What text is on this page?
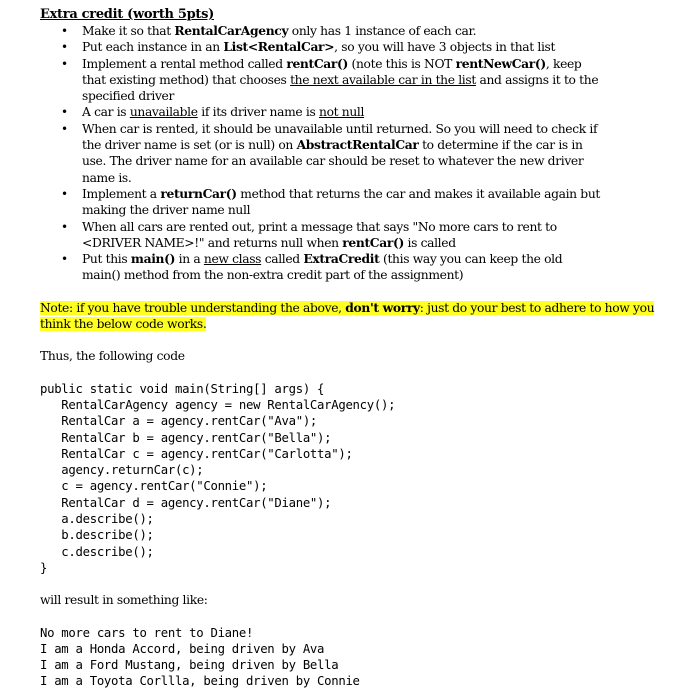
Extra credit (worth 5pts)

• Make it so that RentalCarAgency only has 1 instance of each car.
• Put each instance in an List<RentalCar>, so you will have 3 objects in that list
• Implement a rental method called rentCar() (note this is NOT rentNewCar(), keep that existing method) that chooses the next available car in the list and assigns it to the specified driver
• A car is unavailable if its driver name is not null
• When car is rented, it should be unavailable until returned. So you will need to check if the driver name is set (or is null) on AbstractRentalCar to determine if the car is in use. The driver name for an available car should be reset to whatever the new driver name is.
• Implement a returnCar() method that returns the car and makes it available again but making the driver name null
• When all cars are rented out, print a message that says "No more cars to rent to <DRIVER NAME>!" and returns null when rentCar() is called
• Put this main() in a new class called ExtraCredit (this way you can keep the old main() method from the non-extra credit part of the assignment)
Note: if you have trouble understanding the above, don't worry: just do your best to adhere to how you think the below code works.
Thus, the following code
public static void main(String[] args) {
RentalCarAgency agency = new RentalCarAgency();
RentalCar a = agency.rentCar("Ava");
RentalCar b = agency.rentCar("Bella");
RentalCar c = agency.rentCar("Carlotta");
agency.returnCar(c);
c = agency.rentCar("Connie");
RentalCar d = agency.rentCar("Diane");
a.describe();
b.describe();
c.describe();
}
will result in something like:
No more cars to rent to Diane!
I am a Honda Accord, being driven by Ava
I am a Ford Mustang, being driven by Bella
I am a Toyota Corllla, being driven by Connie
